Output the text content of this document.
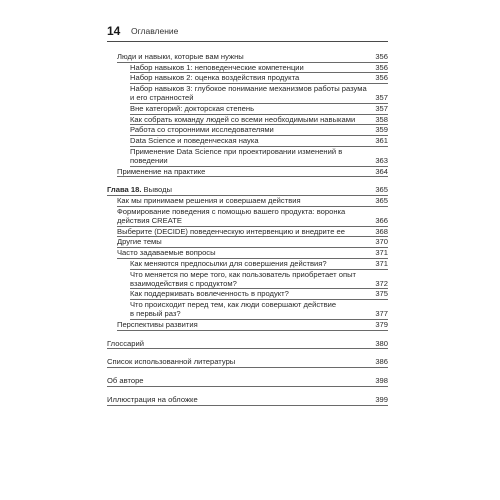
14 Оглавление
Люди и навыки, которые вам нужны	356
Набор навыков 1: неповеденческие компетенции	356
Набор навыков 2: оценка воздействия продукта	356
Набор навыков 3: глубокое понимание механизмов работы разума
и его странностей	357
Вне категорий: докторская степень	357
Как собрать команду людей со всеми необходимыми навыками	358
Работа со сторонними исследователями	359
Data Science и поведенческая наука	361
Применение Data Science при проектировании изменений в поведении	363
Применение на практике	364
Глава 18. Выводы	365
Как мы принимаем решения и совершаем действия	365
Формирование поведения с помощью вашего продукта: воронка
действия CREATE	366
Выберите (DECIDE) поведенческую интервенцию и внедрите ее	368
Другие темы	370
Часто задаваемые вопросы	371
Как меняются предпосылки для совершения действия?	371
Что меняется по мере того, как пользователь приобретает опыт
взаимодействия с продуктом?	372
Как поддерживать вовлеченность в продукт?	375
Что происходит перед тем, как люди совершают действие
в первый раз?	377
Перспективы развития	379
Глоссарий	380
Список использованной литературы	386
Об авторе	398
Иллюстрация на обложке	399
